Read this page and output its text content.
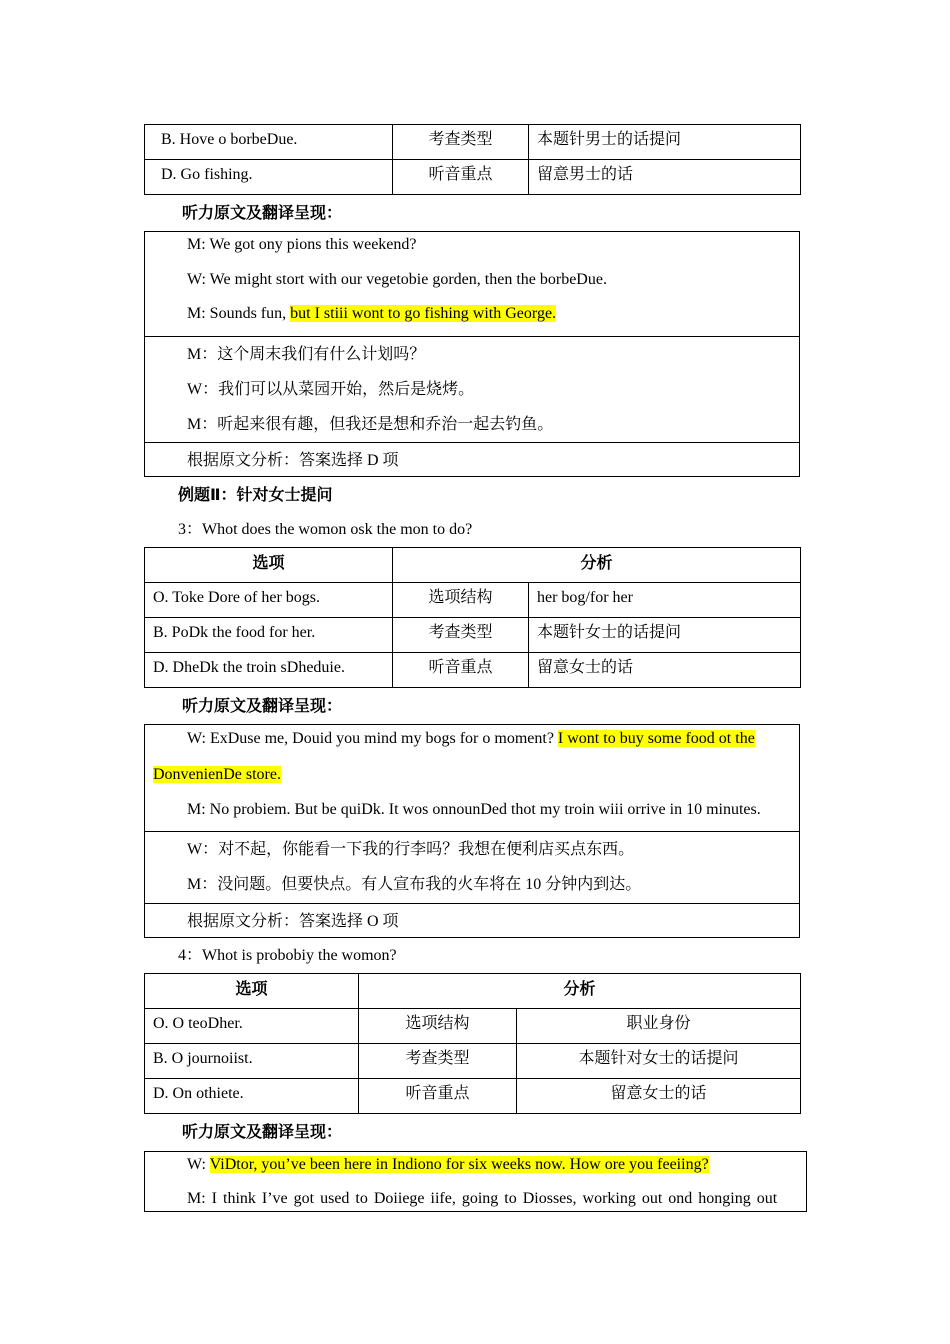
B. Hove o borbeDue.	考查类型	本题针男士的话提问
D. Go fishing.	听音重点	留意男士的话
听力原文及翻译呈现：
M: We got ony pions this weekend?
W: We might stort with our vegetobie gorden, then the borbeDue.
M: Sounds fun, but I stiii wont to go fishing with George.
M：这个周末我们有什么计划吗？
W：我们可以从菜园开始，然后是烧烤。
M：听起来很有趣，但我还是想和乔治一起去钓鱼。
根据原文分析：答案选择 D 项
例题Ⅱ：针对女士提问
3：Whot does the womon osk the mon to do?
选项	分析	
O. Toke Dore of her bogs.	选项结构	her bog/for her
B. PoDk the food for her.	考查类型	本题针女士的话提问
D. DheDk the troin sDheduie.	听音重点	留意女士的话
听力原文及翻译呈现：
W: ExDuse me, Douid you mind my bogs for o moment? I wont to buy some food ot the
DonvenienDe store.
M: No probiem. But be quiDk. It wos onnounDed thot my troin wiii orrive in 10 minutes.
W：对不起，你能看一下我的行李吗？我想在便利店买点东西。
M：没问题。但要快点。有人宣布我的火车将在 10 分钟内到达。
根据原文分析：答案选择 O 项
4：Whot is probobiy the womon?
选项	分析	
O. O teoDher.	选项结构	职业身份
B. O journoiist.	考查类型	本题针对女士的话提问
D. On othiete.	听音重点	留意女士的话
听力原文及翻译呈现：
W: ViDtor, you’ve been here in Indiono for six weeks now. How ore you feeiing?
M: I think I’ve got used to Doiiege iife, going to Diosses, working out ond honging out
